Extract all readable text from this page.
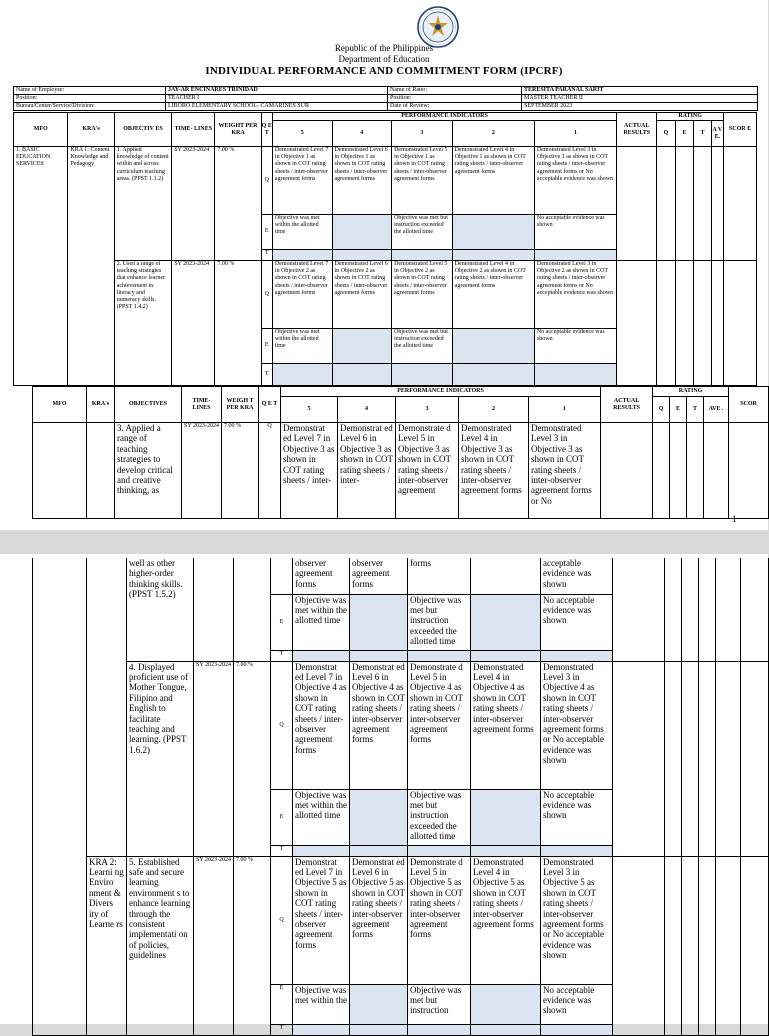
Republic of the Philippines
Department of Education
INDIVIDUAL PERFORMANCE AND COMMITMENT FORM (IPCRF)
Name of Employee:	JAY-AR ENCINARES TRINIDAD	Name of Rater:	TERESITA PARANAL SARIT
Position:	TEACHER I	Position:	MASTER TEACHER II
Bureau/Center/Service/Division:	LIBORO ELEMENTARY SCHOOL- CAMARINES SUR	Date of Review:	SEPTEMBER 2023
MFO	KRA's	OBJECTIV ES	TIME- LINES	WEIGHT PER KRA	Q E T	PERFORMANCE INDICATORS					ACTUAL RESULTS	RATING				SCOR E
						5	4	3	2	1		Q	E	T	A V E.	
1. BASIC EDUCATION SERVICES	KRA 1: Content Knowledge and Pedagogy	1. Applied knowledge of content within and across curriculum teaching areas. (PPST 1.1.2)	SY 2023-2024	7.00 %	Q	Demonstrated Level 7 in Objective 1 as shown in COT rating sheets / inter-observer agreement forms	Demonstrated Level 6 in Objective 1 as shown in COT rating sheets / inter-observer agreement forms	Demonstrated Level 5 in Objective 1 as shown in COT rating sheets / inter-observer agreement forms	Demonstrated Level 4 in Objective 1 as shown in COT rating sheets / inter-observer agreement forms	Demonstrated Level 3 in Objective 1 as shown in COT rating sheets / inter-observer agreement forms or No acceptable evidence was shown						
					E	Objective was met within the allotted time		Objective was met but instruction exceeded the allotted time		No acceptable evidence was shown						
					T											
		2. Used a range of teaching strategies that enhance learner achievement in literacy and numeracy skills. (PPST 1.4.2)	SY 2023-2024	7.00 %	Q	Demonstrated Level 7 in Objective 2 as shown in COT rating sheets / inter-observer agreement forms	Demonstrated Level 6 in Objective 2 as shown in COT rating sheets / inter-observer agreement forms	Demonstrated Level 5 in Objective 2 as shown in COT rating sheets / inter-observer agreement forms	Demonstrated Level 4 in Objective 2 as shown in COT rating sheets / inter-observer agreement forms	Demonstrated Level 3 in Objective 2 as shown in COT rating sheets / inter-observer agreement forms or No acceptable evidence was shown						
					E	Objective was met within the allotted time		Objective was met but instruction exceeded the allotted time		No acceptable evidence was shown						
					T											
MFO	KRA's	OBJECTIVES	TIME- LINES	WEIGH T PER KRA	Q E T	PERFORMANCE INDICATORS					ACTUAL RESULTS	RATING				SCOR
						5	4	3	2	1		Q	E	T	AVE .	
		3. Applied a range of teaching strategies to develop critical and creative thinking, as	SY 2023-2024	7.00 %	Q	Demonstrat ed Level 7 in Objective 3 as shown in COT rating sheets / inter-	Demonstrat ed Level 6 in Objective 3 as shown in COT rating sheets / inter-	Demonstrate d Level 5 in Objective 3 as shown in COT rating sheets / inter-observer agreement	Demonstrated Level 4 in Objective 3 as shown in COT rating sheets / inter-observer agreement forms	Demonstrated Level 3 in Objective 3 as shown in COT rating sheets / inter-observer agreement forms or No						
1
		well as other higher-order thinking skills. (PPST 1.5.2)				observer agreement forms	observer agreement forms	forms		acceptable evidence was shown						
					E	Objective was met within the allotted time		Objective was met but instruction exceeded the allotted time		No acceptable evidence was shown						
					T											
		4. Displayed proficient use of Mother Tongue, Filipino and English to facilitate teaching and learning. (PPST 1.6.2)	SY 2023-2024	7.00 %	Q	Demonstrat ed Level 7 in Objective 4 as shown in COT rating sheets / inter-observer agreement forms	Demonstrat ed Level 6 in Objective 4 as shown in COT rating sheets / inter-observer agreement forms	Demonstrate d Level 5 in Objective 4 as shown in COT rating sheets / inter-observer agreement forms	Demonstrated Level 4 in Objective 4 as shown in COT rating sheets / inter-observer agreement forms	Demonstrated Level 3 in Objective 4 as shown in COT rating sheets / inter-observer agreement forms or No acceptable evidence was shown						
					E	Objective was met within the allotted time		Objective was met but instruction exceeded the allotted time		No acceptable evidence was shown						
					T											
	KRA 2: Learni ng Enviro nment & Divers ity of Learne rs	5. Established safe and secure learning environment s to enhance learning through the consistent implementati on of policies, guidelines	SY 2023-2024	7.00 %	Q	Demonstrat ed Level 7 in Objective 5 as shown in COT rating sheets / inter-observer agreement forms	Demonstrat ed Level 6 in Objective 5 as shown in COT rating sheets / inter-observer agreement forms	Demonstrate d Level 5 in Objective 5 as shown in COT rating sheets / inter-observer agreement forms	Demonstrated Level 4 in Objective 5 as shown in COT rating sheets / inter-observer agreement forms	Demonstrated Level 3 in Objective 5 as shown in COT rating sheets / inter-observer agreement forms or No acceptable evidence was shown						
					E	Objective was met within the		Objective was met but instruction		No acceptable evidence was shown						
					T											
